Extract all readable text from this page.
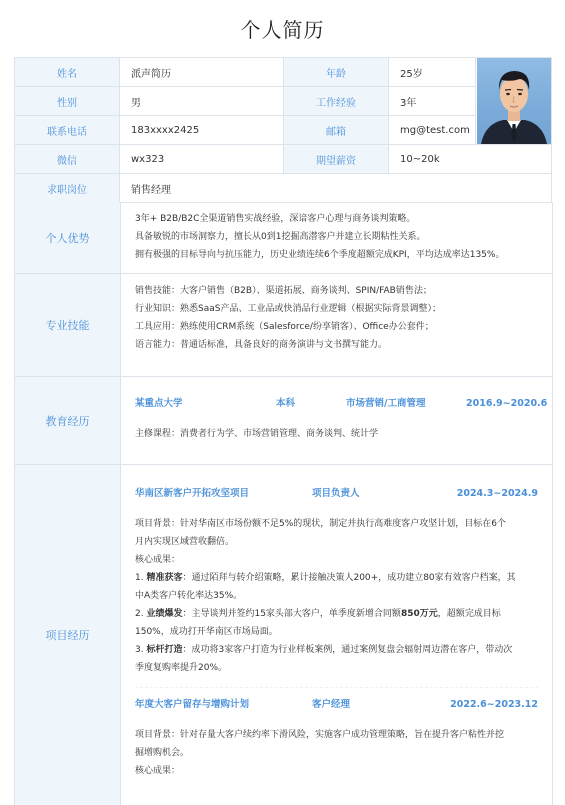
个人简历
姓名	派声简历	年龄	25岁	

性别	男	工作经验	3年	
联系电话	183xxxx2425	邮箱	mg@test.com	
微信	wx323	期望薪资	10~20k	
求职岗位	销售经理			
个人优势
3年+ B2B/B2C全渠道销售实战经验，深谙客户心理与商务谈判策略。
具备敏锐的市场洞察力，擅长从0到1挖掘高潜客户并建立长期粘性关系。
拥有极强的目标导向与抗压能力，历史业绩连续6个季度超额完成KPI，平均达成率达135%。
专业技能
销售技能：大客户销售（B2B）、渠道拓展、商务谈判、SPIN/FAB销售法；
行业知识：熟悉SaaS产品、工业品或快消品行业逻辑（根据实际背景调整）；
工具应用：熟练使用CRM系统（Salesforce/纷享销客）、Office办公套件；
语言能力：普通话标准，具备良好的商务演讲与文书撰写能力。
教育经历
某重点大学	本科	市场营销/工商管理	2016.9~2020.6
主修课程：消费者行为学、市场营销管理、商务谈判、统计学
项目经历
华南区新客户开拓攻坚项目	项目负责人	2024.3~2024.9
项目背景：针对华南区市场份额不足5%的现状，制定并执行高难度客户攻坚计划，目标在6个
月内实现区域营收翻倍。
核心成果：
1. 精准获客：通过陌拜与转介绍策略，累计接触决策人200+，成功建立80家有效客户档案，其
中A类客户转化率达35%。
2. 业绩爆发：主导谈判并签约15家头部大客户，单季度新增合同额850万元，超额完成目标
150%，成功打开华南区市场局面。
3. 标杆打造：成功将3家客户打造为行业样板案例，通过案例复盘会辐射周边潜在客户，带动次
季度复购率提升20%。
年度大客户留存与增购计划	客户经理	2022.6~2023.12
项目背景：针对存量大客户续约率下滑风险，实施客户成功管理策略，旨在提升客户粘性并挖
掘增购机会。
核心成果：
